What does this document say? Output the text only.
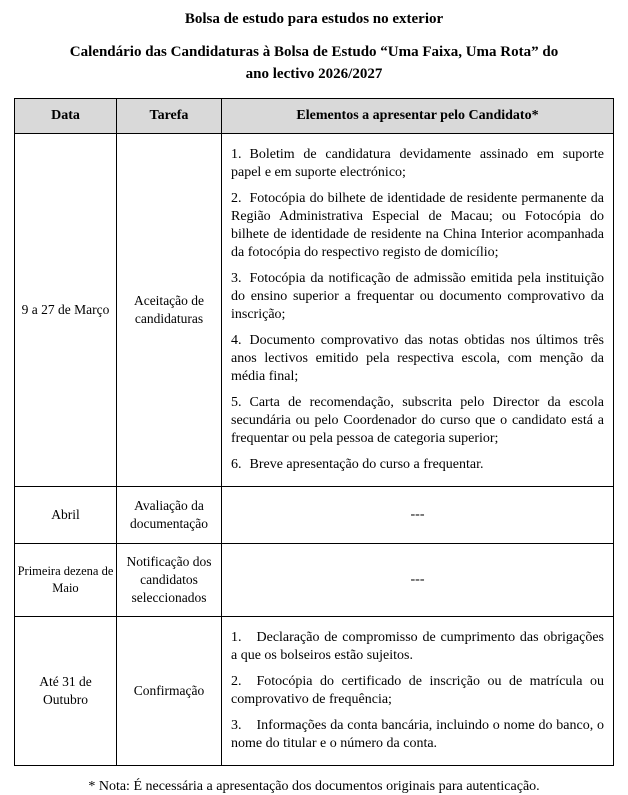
Bolsa de estudo para estudos no exterior
Calendário das Candidaturas à Bolsa de Estudo “Uma Faixa, Uma Rota” do
ano lectivo 2026/2027
Data	Tarefa	Elementos a apresentar pelo Candidato*
9 a 27 de Março	Aceitação de candidaturas	

1. Boletim de candidatura devidamente assinado em suporte papel e em suporte electrónico;

2. Fotocópia do bilhete de identidade de residente permanente da Região Administrativa Especial de Macau; ou Fotocópia do bilhete de identidade de residente na China Interior acompanhada da fotocópia do respectivo registo de domicílio;

3. Fotocópia da notificação de admissão emitida pela instituição do ensino superior a frequentar ou documento comprovativo da inscrição;

4. Documento comprovativo das notas obtidas nos últimos três anos lectivos emitido pela respectiva escola, com menção da média final;

5. Carta de recomendação, subscrita pelo Director da escola secundária ou pelo Coordenador do curso que o candidato está a frequentar ou pela pessoa de categoria superior;

6. Breve apresentação do curso a frequentar.

Abril	Avaliação da documentação	---
Primeira dezena de Maio	Notificação dos candidatos seleccionados	---
Até 31 de Outubro	Confirmação	1. Declaração de compromisso de cumprimento das obrigações a que os bolseiros estão sujeitos.

2. Fotocópia do certificado de inscrição ou de matrícula ou comprovativo de frequência;

3. Informações da conta bancária, incluindo o nome do banco, o nome do titular e o número da conta.

* Nota: É necessária a apresentação dos documentos originais para autenticação.
